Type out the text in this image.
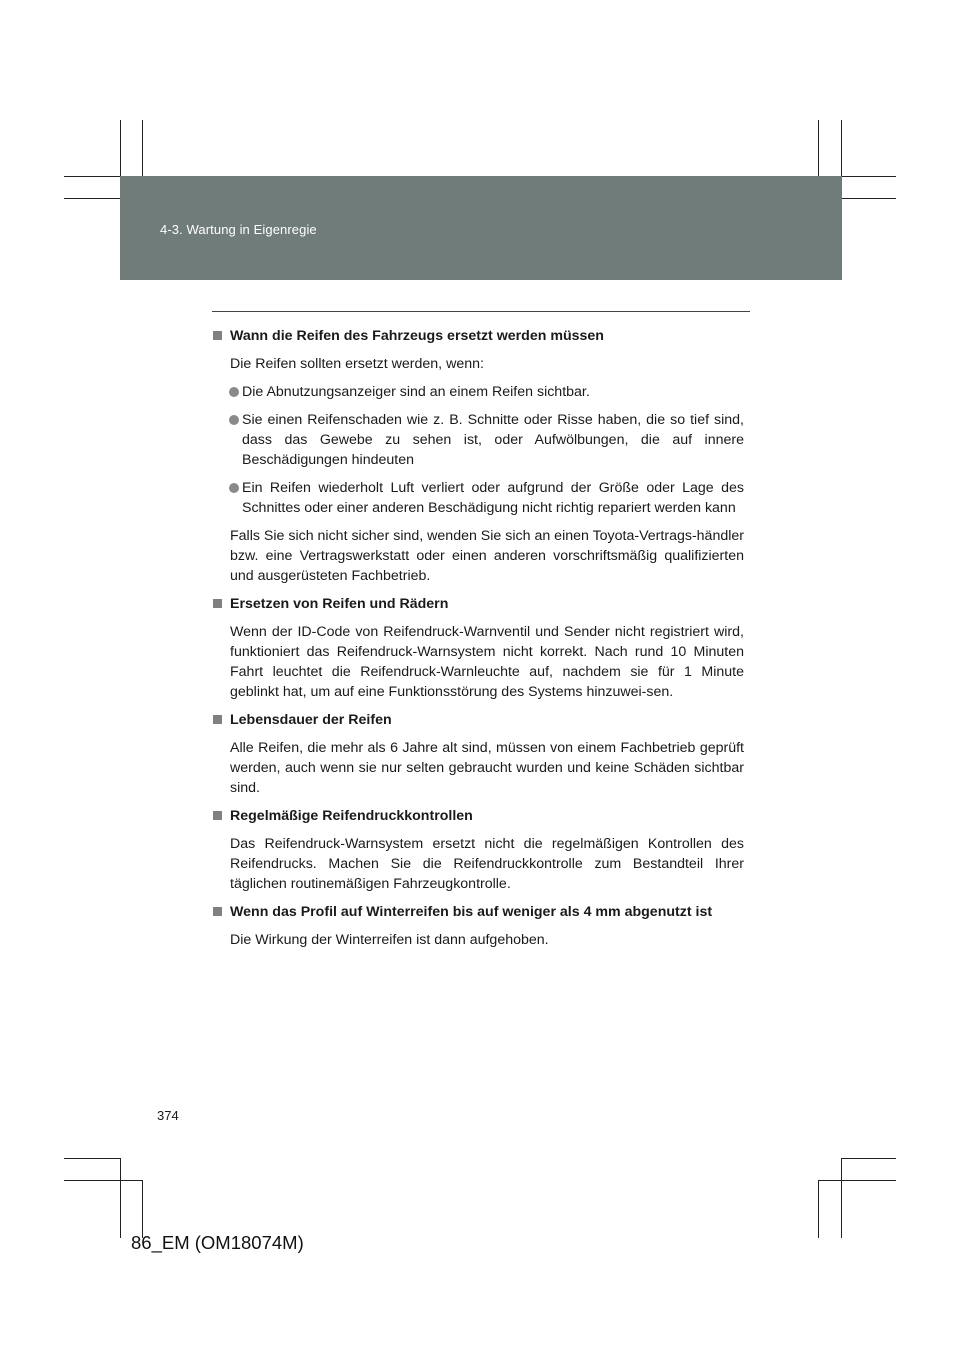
4-3. Wartung in Eigenregie
Wann die Reifen des Fahrzeugs ersetzt werden müssen
Die Reifen sollten ersetzt werden, wenn:
Die Abnutzungsanzeiger sind an einem Reifen sichtbar.
Sie einen Reifenschaden wie z. B. Schnitte oder Risse haben, die so tief sind, dass das Gewebe zu sehen ist, oder Aufwölbungen, die auf innere Beschädigungen hindeuten
Ein Reifen wiederholt Luft verliert oder aufgrund der Größe oder Lage des Schnittes oder einer anderen Beschädigung nicht richtig repariert werden kann
Falls Sie sich nicht sicher sind, wenden Sie sich an einen Toyota-Vertrags-händler bzw. eine Vertragswerkstatt oder einen anderen vorschriftsmäßig qualifizierten und ausgerüsteten Fachbetrieb.
Ersetzen von Reifen und Rädern
Wenn der ID-Code von Reifendruck-Warnventil und Sender nicht registriert wird, funktioniert das Reifendruck-Warnsystem nicht korrekt. Nach rund 10 Minuten Fahrt leuchtet die Reifendruck-Warnleuchte auf, nachdem sie für 1 Minute geblinkt hat, um auf eine Funktionsstörung des Systems hinzuwei-sen.
Lebensdauer der Reifen
Alle Reifen, die mehr als 6 Jahre alt sind, müssen von einem Fachbetrieb geprüft werden, auch wenn sie nur selten gebraucht wurden und keine Schäden sichtbar sind.
Regelmäßige Reifendruckkontrollen
Das Reifendruck-Warnsystem ersetzt nicht die regelmäßigen Kontrollen des Reifendrucks. Machen Sie die Reifendruckkontrolle zum Bestandteil Ihrer täglichen routinemäßigen Fahrzeugkontrolle.
Wenn das Profil auf Winterreifen bis auf weniger als 4 mm abgenutzt ist
Die Wirkung der Winterreifen ist dann aufgehoben.
374
86_EM (OM18074M)
